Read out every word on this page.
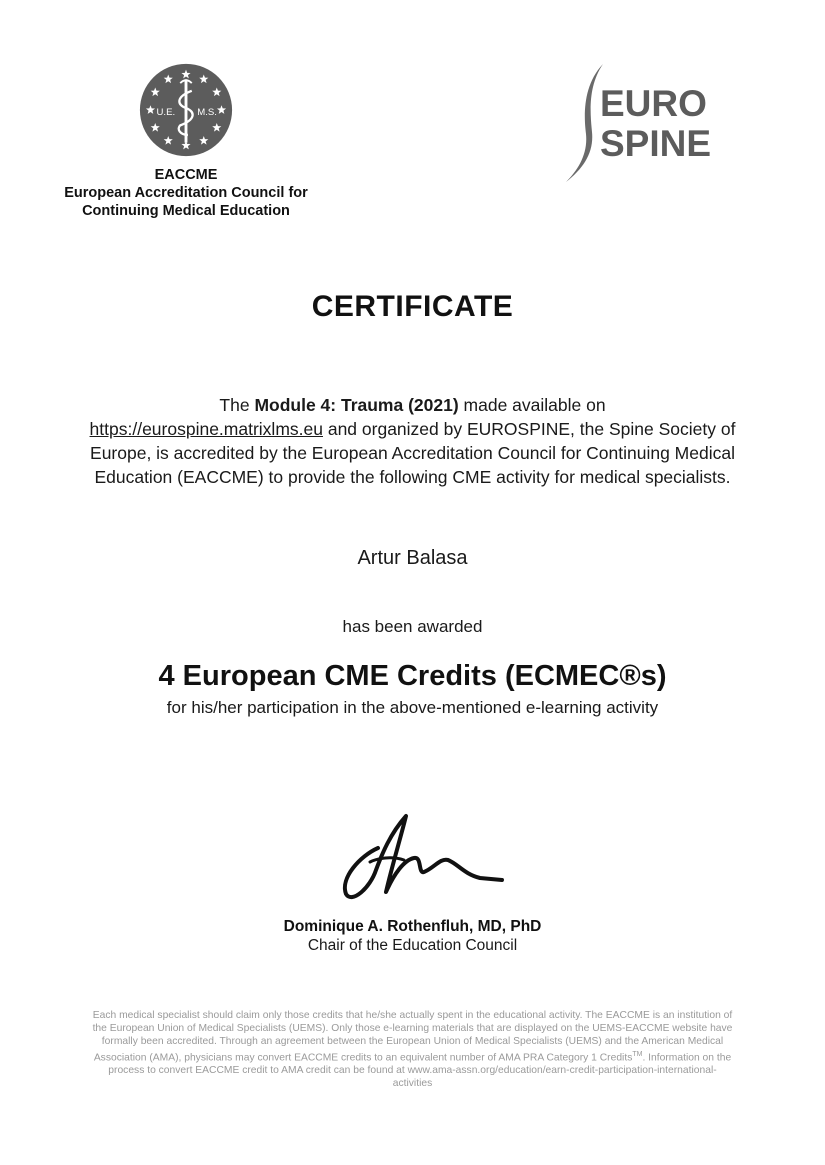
U.E. M.S.
EACCME
European Accreditation Council for
Continuing Medical Education
EURO
SPINE
CERTIFICATE
The Module 4: Trauma (2021) made available on
https://eurospine.matrixlms.eu and organized by EUROSPINE, the Spine Society of Europe, is accredited by the European Accreditation Council for Continuing Medical Education (EACCME) to provide the following CME activity for medical specialists.
Artur Balasa
has been awarded
4 European CME Credits (ECMEC®s)
for his/her participation in the above-mentioned e-learning activity
Dominique A. Rothenfluh, MD, PhD
Chair of the Education Council
Each medical specialist should claim only those credits that he/she actually spent in the educational activity. The EACCME is an institution of the European Union of Medical Specialists (UEMS). Only those e-learning materials that are displayed on the UEMS-EACCME website have formally been accredited. Through an agreement between the European Union of Medical Specialists (UEMS) and the American Medical Association (AMA), physicians may convert EACCME credits to an equivalent number of AMA PRA Category 1 Credits™. Information on the process to convert EACCME credit to AMA credit can be found at www.ama-assn.org/education/earn-credit-participation-international-activities
